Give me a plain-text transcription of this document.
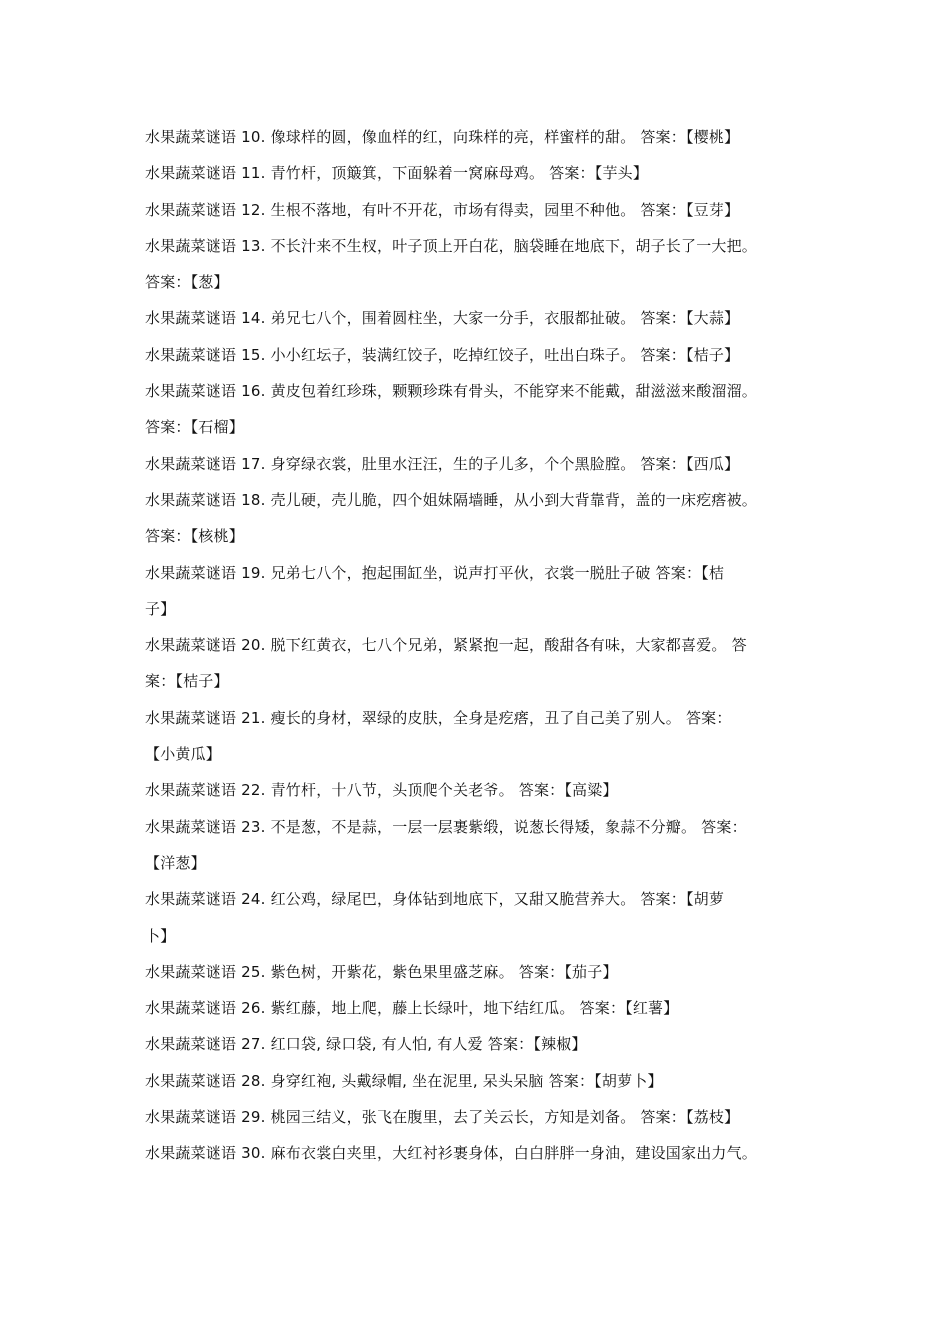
水果蔬菜谜语 10. 像球样的圆，像血样的红，向珠样的亮，样蜜样的甜。 答案：【樱桃】
水果蔬菜谜语 11. 青竹杆，顶簸箕，下面躲着一窝麻母鸡。 答案：【芋头】
水果蔬菜谜语 12. 生根不落地，有叶不开花，市场有得卖，园里不种他。 答案：【豆芽】
水果蔬菜谜语 13. 不长汁来不生杈，叶子顶上开白花，脑袋睡在地底下，胡子长了一大把。
答案：【葱】
水果蔬菜谜语 14. 弟兄七八个，围着圆柱坐，大家一分手，衣服都扯破。 答案：【大蒜】
水果蔬菜谜语 15. 小小红坛子，装满红饺子，吃掉红饺子，吐出白珠子。 答案：【桔子】
水果蔬菜谜语 16. 黄皮包着红珍珠，颗颗珍珠有骨头，不能穿来不能戴，甜滋滋来酸溜溜。
答案：【石榴】
水果蔬菜谜语 17. 身穿绿衣裳，肚里水汪汪，生的子儿多，个个黑脸膛。 答案：【西瓜】
水果蔬菜谜语 18. 壳儿硬，壳儿脆，四个姐妹隔墙睡，从小到大背靠背，盖的一床疙瘩被。
答案：【核桃】
水果蔬菜谜语 19. 兄弟七八个，抱起围缸坐，说声打平伙，衣裳一脱肚子破 答案：【桔
子】
水果蔬菜谜语 20. 脱下红黄衣，七八个兄弟，紧紧抱一起，酸甜各有味，大家都喜爱。 答
案：【桔子】
水果蔬菜谜语 21. 瘦长的身材，翠绿的皮肤，全身是疙瘩，丑了自己美了别人。 答案：
【小黄瓜】
水果蔬菜谜语 22. 青竹杆，十八节，头顶爬个关老爷。 答案：【高粱】
水果蔬菜谜语 23. 不是葱，不是蒜，一层一层裹紫缎，说葱长得矮，象蒜不分瓣。 答案：
【洋葱】
水果蔬菜谜语 24. 红公鸡，绿尾巴，身体钻到地底下，又甜又脆营养大。 答案：【胡萝
卜】
水果蔬菜谜语 25. 紫色树，开紫花，紫色果里盛芝麻。 答案：【茄子】
水果蔬菜谜语 26. 紫红藤，地上爬，藤上长绿叶，地下结红瓜。 答案：【红薯】
水果蔬菜谜语 27. 红口袋, 绿口袋, 有人怕, 有人爱 答案：【辣椒】
水果蔬菜谜语 28. 身穿红袍, 头戴绿帽, 坐在泥里, 呆头呆脑 答案：【胡萝卜】
水果蔬菜谜语 29. 桃园三结义，张飞在腹里，去了关云长，方知是刘备。 答案：【荔枝】
水果蔬菜谜语 30. 麻布衣裳白夹里，大红衬衫裹身体，白白胖胖一身油，建设国家出力气。
